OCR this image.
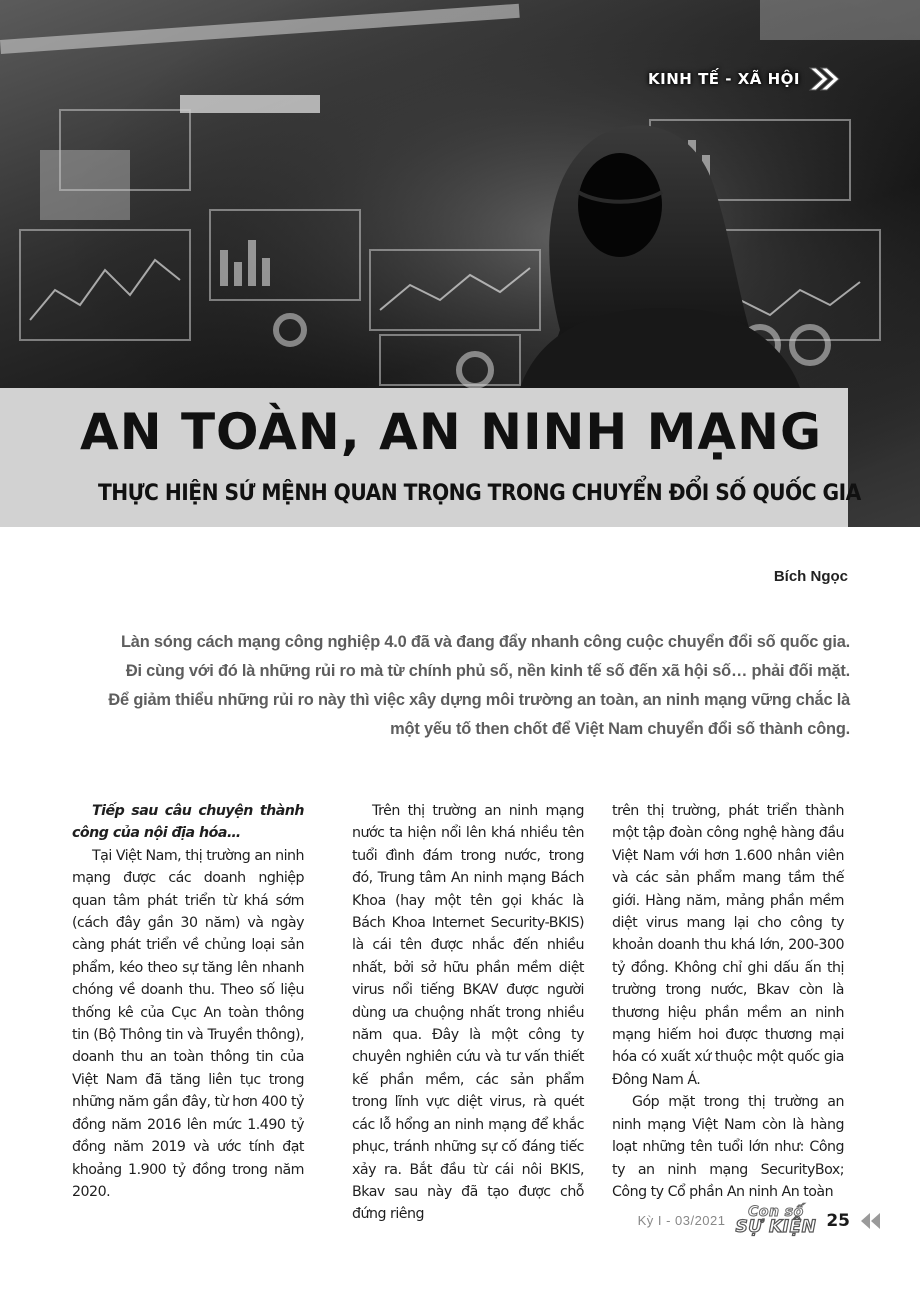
KINH TẾ - XÃ HỘI
AN TOÀN, AN NINH MẠNG
THỰC HIỆN SỨ MỆNH QUAN TRỌNG TRONG CHUYỂN ĐỔI SỐ QUỐC GIA
Bích Ngọc
Làn sóng cách mạng công nghiệp 4.0 đã và đang đẩy nhanh công cuộc chuyển đổi số quốc gia.
Đi cùng với đó là những rủi ro mà từ chính phủ số, nền kinh tế số đến xã hội số… phải đối mặt.
Để giảm thiểu những rủi ro này thì việc xây dựng môi trường an toàn, an ninh mạng vững chắc là
một yếu tố then chốt để Việt Nam chuyển đổi số thành công.

Tiếp sau câu chuyện thành công của nội địa hóa…

Tại Việt Nam, thị trường an ninh mạng được các doanh nghiệp quan tâm phát triển từ khá sớm (cách đây gần 30 năm) và ngày càng phát triển về chủng loại sản phẩm, kéo theo sự tăng lên nhanh chóng về doanh thu. Theo số liệu thống kê của Cục An toàn thông tin (Bộ Thông tin và Truyền thông), doanh thu an toàn thông tin của Việt Nam đã tăng liên tục trong những năm gần đây, từ hơn 400 tỷ đồng năm 2016 lên mức 1.490 tỷ đồng năm 2019 và ước tính đạt khoảng 1.900 tỷ đồng trong năm 2020.

Trên thị trường an ninh mạng nước ta hiện nổi lên khá nhiều tên tuổi đình đám trong nước, trong đó, Trung tâm An ninh mạng Bách Khoa (hay một tên gọi khác là Bách Khoa Internet Security-BKIS) là cái tên được nhắc đến nhiều nhất, bởi sở hữu phần mềm diệt virus nổi tiếng BKAV được người dùng ưa chuộng nhất trong nhiều năm qua. Đây là một công ty chuyên nghiên cứu và tư vấn thiết kế phần mềm, các sản phẩm trong lĩnh vực diệt virus, rà quét các lỗ hổng an ninh mạng để khắc phục, tránh những sự cố đáng tiếc xảy ra. Bắt đầu từ cái nôi BKIS, Bkav sau này đã tạo được chỗ đứng riêng

trên thị trường, phát triển thành một tập đoàn công nghệ hàng đầu Việt Nam với hơn 1.600 nhân viên và các sản phẩm mang tầm thế giới. Hàng năm, mảng phần mềm diệt virus mang lại cho công ty khoản doanh thu khá lớn, 200-300 tỷ đồng. Không chỉ ghi dấu ấn thị trường trong nước, Bkav còn là thương hiệu phần mềm an ninh mạng hiếm hoi được thương mại hóa có xuất xứ thuộc một quốc gia Đông Nam Á.

Góp mặt trong thị trường an ninh mạng Việt Nam còn là hàng loạt những tên tuổi lớn như: Công ty an ninh mạng SecurityBox; Công ty Cổ phần An ninh An toàn

Kỳ I - 03/2021
Con số
SỰ KIỆN 25
